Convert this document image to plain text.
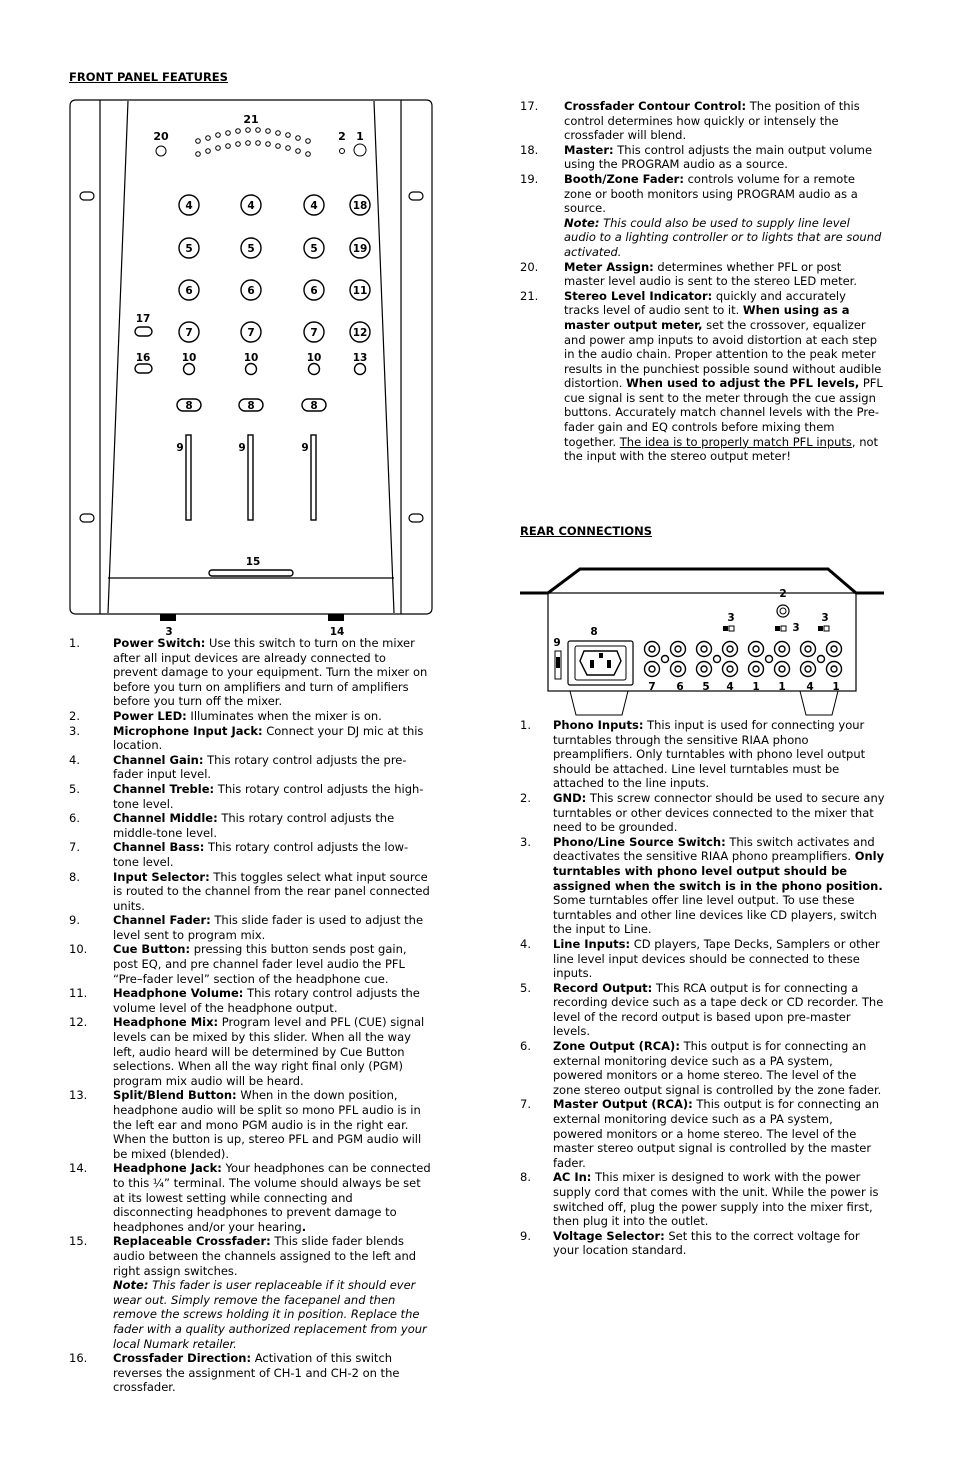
FRONT PANEL FEATURES
21
20	2 1
4
5
6
7
10
8
9
4
5
6
7
10
8
9
4
5
6
7
10
8
9
18
19
11
12
13
17
16
15
3	14
1.	Power Switch: Use this switch to turn on the mixer after all input devices are already connected to prevent damage to your equipment. Turn the mixer on before you turn on amplifiers and turn of amplifiers before you turn off the mixer.
2.	Power LED: Illuminates when the mixer is on.
3.	Microphone Input Jack: Connect your DJ mic at this location.
4.	Channel Gain: This rotary control adjusts the pre-fader input level.
5.	Channel Treble: This rotary control adjusts the high-tone level.
6.	Channel Middle: This rotary control adjusts the middle-tone level.
7.	Channel Bass: This rotary control adjusts the low-tone level.
8.	Input Selector: This toggles select what input source is routed to the channel from the rear panel connected units.
9.	Channel Fader: This slide fader is used to adjust the level sent to program mix.
10.	Cue Button: pressing this button sends post gain, post EQ, and pre channel fader level audio the PFL “Pre–fader level” section of the headphone cue.
11.	Headphone Volume: This rotary control adjusts the volume level of the headphone output.
12.	Headphone Mix: Program level and PFL (CUE) signal levels can be mixed by this slider. When all the way left, audio heard will be determined by Cue Button selections. When all the way right final only (PGM) program mix audio will be heard.
13.	Split/Blend Button: When in the down position, headphone audio will be split so mono PFL audio is in the left ear and mono PGM audio is in the right ear. When the button is up, stereo PFL and PGM audio will be mixed (blended).
14.	Headphone Jack: Your headphones can be connected to this ¼” terminal. The volume should always be set at its lowest setting while connecting and disconnecting headphones to prevent damage to headphones and/or your hearing.
15.	Replaceable Crossfader: This slide fader blends audio between the channels assigned to the left and right assign switches.
Note: This fader is user replaceable if it should ever wear out. Simply remove the facepanel and then remove the screws holding it in position. Replace the fader with a quality authorized replacement from your local Numark retailer.
16.	Crossfader Direction: Activation of this switch reverses the assignment of CH-1 and CH-2 on the crossfader.
17.	Crossfader Contour Control: The position of this control determines how quickly or intensely the crossfader will blend.
18.	Master: This control adjusts the main output volume using the PROGRAM audio as a source.
19.	Booth/Zone Fader: controls volume for a remote zone or booth monitors using PROGRAM audio as a source.
Note: This could also be used to supply line level audio to a lighting controller or to lights that are sound activated.
20.	Meter Assign: determines whether PFL or post master level audio is sent to the stereo LED meter.
21.	Stereo Level Indicator: quickly and accurately tracks level of audio sent to it. When using as a master output meter, set the crossover, equalizer and power amp inputs to avoid distortion at each step in the audio chain. Proper attention to the peak meter results in the punchiest possible sound without audible distortion. When used to adjust the PFL levels, PFL cue signal is sent to the meter through the cue assign buttons. Accurately match channel levels with the Pre-fader gain and EQ controls before mixing them together. The idea is to properly match PFL inputs, not the input with the stereo output meter!
REAR CONNECTIONS
2
3
3
3
8
9
7 6 5 4 1 1 4 1
1.	Phono Inputs: This input is used for connecting your turntables through the sensitive RIAA phono preamplifiers. Only turntables with phono level output should be attached. Line level turntables must be attached to the line inputs.
2.	GND: This screw connector should be used to secure any turntables or other devices connected to the mixer that need to be grounded.
3.	Phono/Line Source Switch: This switch activates and deactivates the sensitive RIAA phono preamplifiers. Only turntables with phono level output should be assigned when the switch is in the phono position. Some turntables offer line level output. To use these turntables and other line devices like CD players, switch the input to Line.
4.	Line Inputs: CD players, Tape Decks, Samplers or other line level input devices should be connected to these inputs.
5.	Record Output: This RCA output is for connecting a recording device such as a tape deck or CD recorder. The level of the record output is based upon pre-master levels.
6.	Zone Output (RCA): This output is for connecting an external monitoring device such as a PA system, powered monitors or a home stereo. The level of the zone stereo output signal is controlled by the zone fader.
7.	Master Output (RCA): This output is for connecting an external monitoring device such as a PA system, powered monitors or a home stereo. The level of the master stereo output signal is controlled by the master fader.
8.	AC In: This mixer is designed to work with the power supply cord that comes with the unit. While the power is switched off, plug the power supply into the mixer first, then plug it into the outlet.
9.	Voltage Selector: Set this to the correct voltage for your location standard.
